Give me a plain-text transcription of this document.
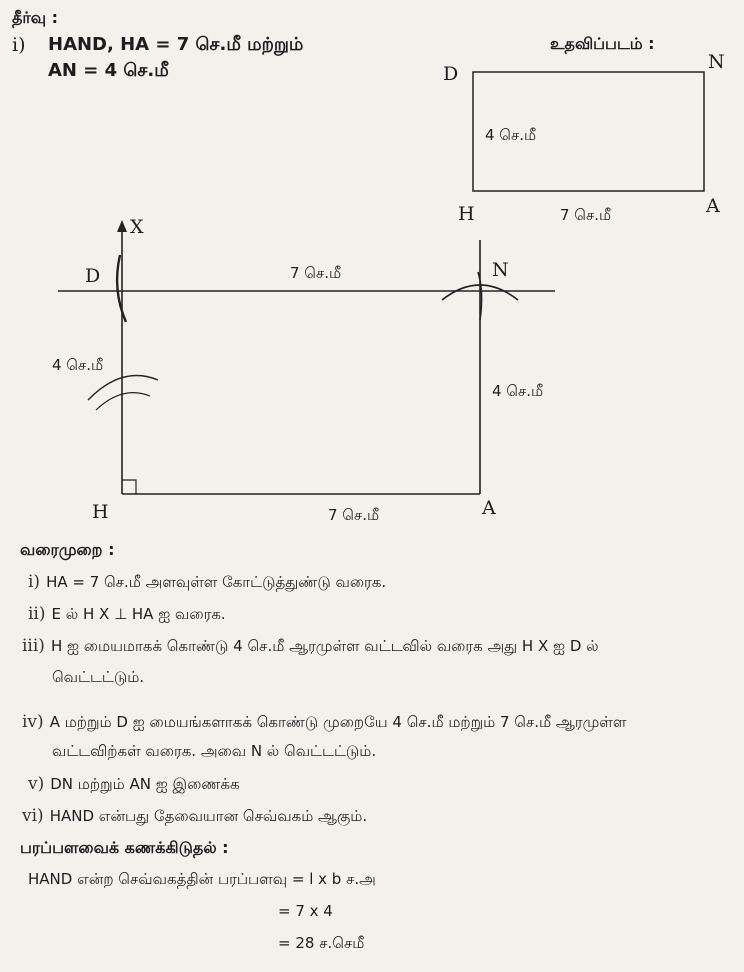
தீர்வு :
i) HAND, HA = 7 செ.மீ மற்றும்
AN = 4 செ.மீ
உதவிப்படம் :
D
N
H	A
4 செ.மீ
7 செ.மீ
X
D	N
H	A
7 செ.மீ
4 செ.மீ
4 செ.மீ
7 செ.மீ
வரைமுறை :
i) HA = 7 செ.மீ அளவுள்ள கோட்டுத்துண்டு வரைக.
ii) E ல் H X ⊥ HA ஐ வரைக.
iii) H ஐ மையமாகக் கொண்டு 4 செ.மீ ஆரமுள்ள வட்டவில் வரைக அது H X ஐ D ல்
வெட்டட்டும்.
iv) A மற்றும் D ஐ மையங்களாகக் கொண்டு முறையே 4 செ.மீ மற்றும் 7 செ.மீ ஆரமுள்ள
வட்டவிற்கள் வரைக. அவை N ல் வெட்டட்டும்.
v) DN மற்றும் AN ஐ இணைக்க
vi) HAND என்பது தேவையான செவ்வகம் ஆகும்.
பரப்பளவைக் கணக்கிடுதல் :
HAND என்ற செவ்வகத்தின் பரப்பளவு = l x b ச.அ
= 7 x 4
= 28 ச.செமீ
